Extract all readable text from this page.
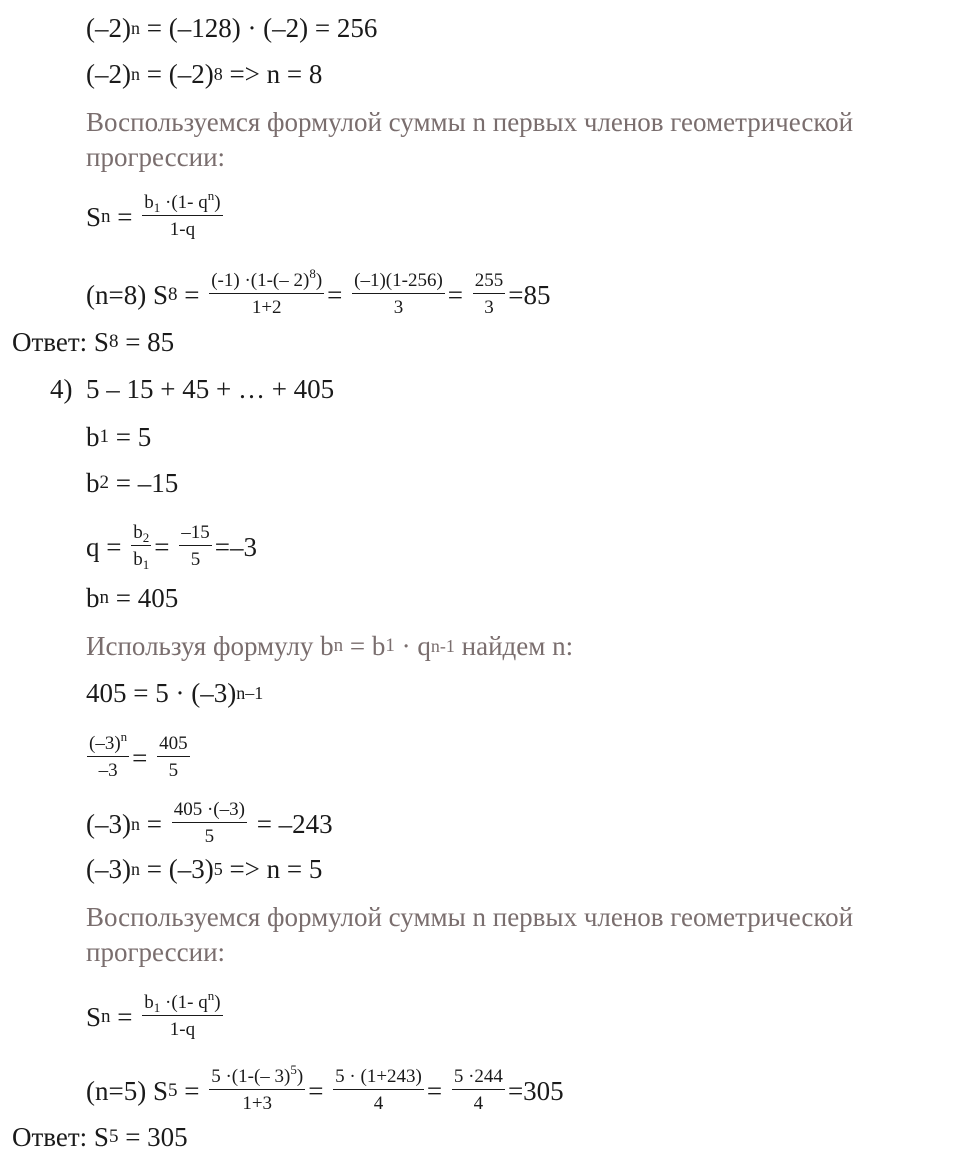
(–2) n = (–128) · (–2) = 256
(–2) n = (–2) 8 => n = 8
Воспользуемся формулой суммы n первых членов геометрической
прогрессии:
S $n = \frac{b_1 \cdot(1- q^n)}{1-q}$
(n=8) S $8 = \frac{(-1) \cdot(1-(- 2)^8)}{1+2} = \frac{(-1)(1-256)}{3} = \frac{255}{3} =85$
Ответ: S 8 = 85
4)  5 – 15 + 45 + … + 405
b 1 = 5
b 2 = –15
$q = \frac{b_2}{b_1} = \frac{-15}{5} =-3$
b n = 405
Используя формулу b n = b 1 · q n-1 найдем n:
405 = 5 · (–3) n–1
$\frac{(-3)^n}{-3} = \frac{405}{5}$
(–3) $n = \frac{405 \cdot(-3)}{5} = -243$
(–3) n = (–3) 5 => n = 5
Воспользуемся формулой суммы n первых членов геометрической
прогрессии:
S $n = \frac{b_1 \cdot(1- q^n)}{1-q}$
(n=5) S $5 = \frac{5 \cdot(1-(- 3)^5)}{1+3} = \frac{5 \cdot (1+243)}{4} = \frac{5 \cdot 244}{4} =305$
Ответ: S 5 = 305
